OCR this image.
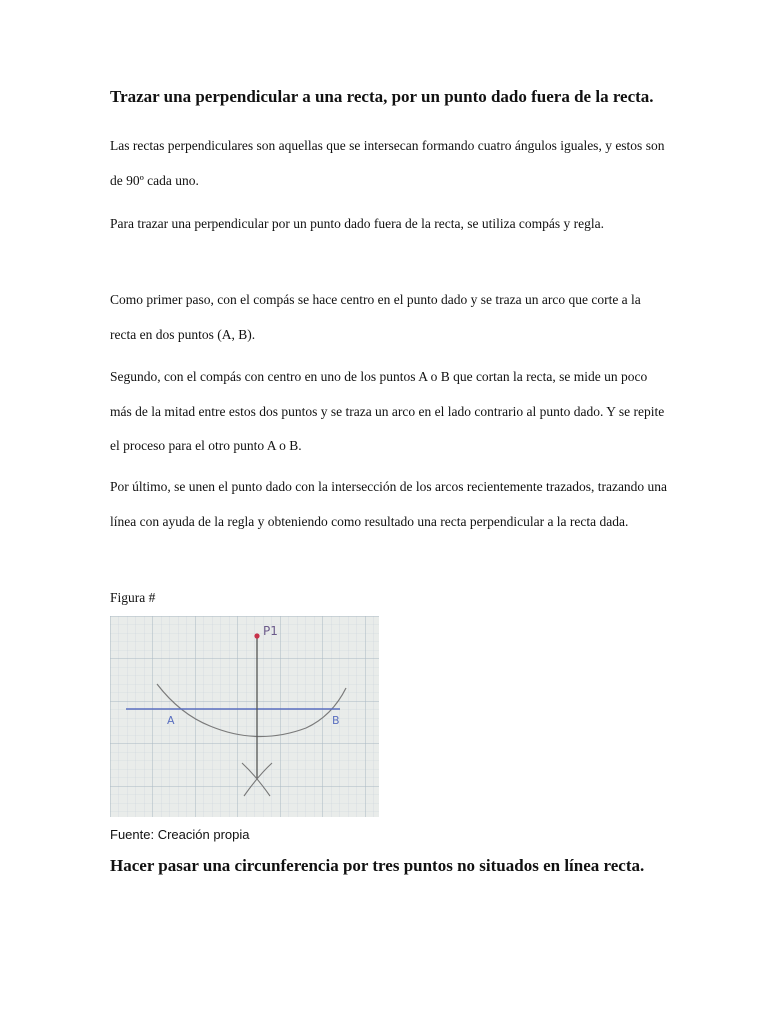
Trazar una perpendicular a una recta, por un punto dado fuera de la recta.

Las rectas perpendiculares son aquellas que se intersecan formando cuatro ángulos iguales, y estos son de 90º cada uno.

Para trazar una perpendicular por un punto dado fuera de la recta, se utiliza compás y regla.

Como primer paso, con el compás se hace centro en el punto dado y se traza un arco que corte a la recta en dos puntos (A, B).

Segundo, con el compás con centro en uno de los puntos A o B que cortan la recta, se mide un poco más de la mitad entre estos dos puntos y se traza un arco en el lado contrario al punto dado. Y se repite el proceso para el otro punto A o B.

Por último, se unen el punto dado con la intersección de los arcos recientemente trazados, trazando una línea con ayuda de la regla y obteniendo como resultado una recta perpendicular a la recta dada.

Figura #
P1
A	B
Fuente: Creación propia
Hacer pasar una circunferencia por tres puntos no situados en línea recta.
